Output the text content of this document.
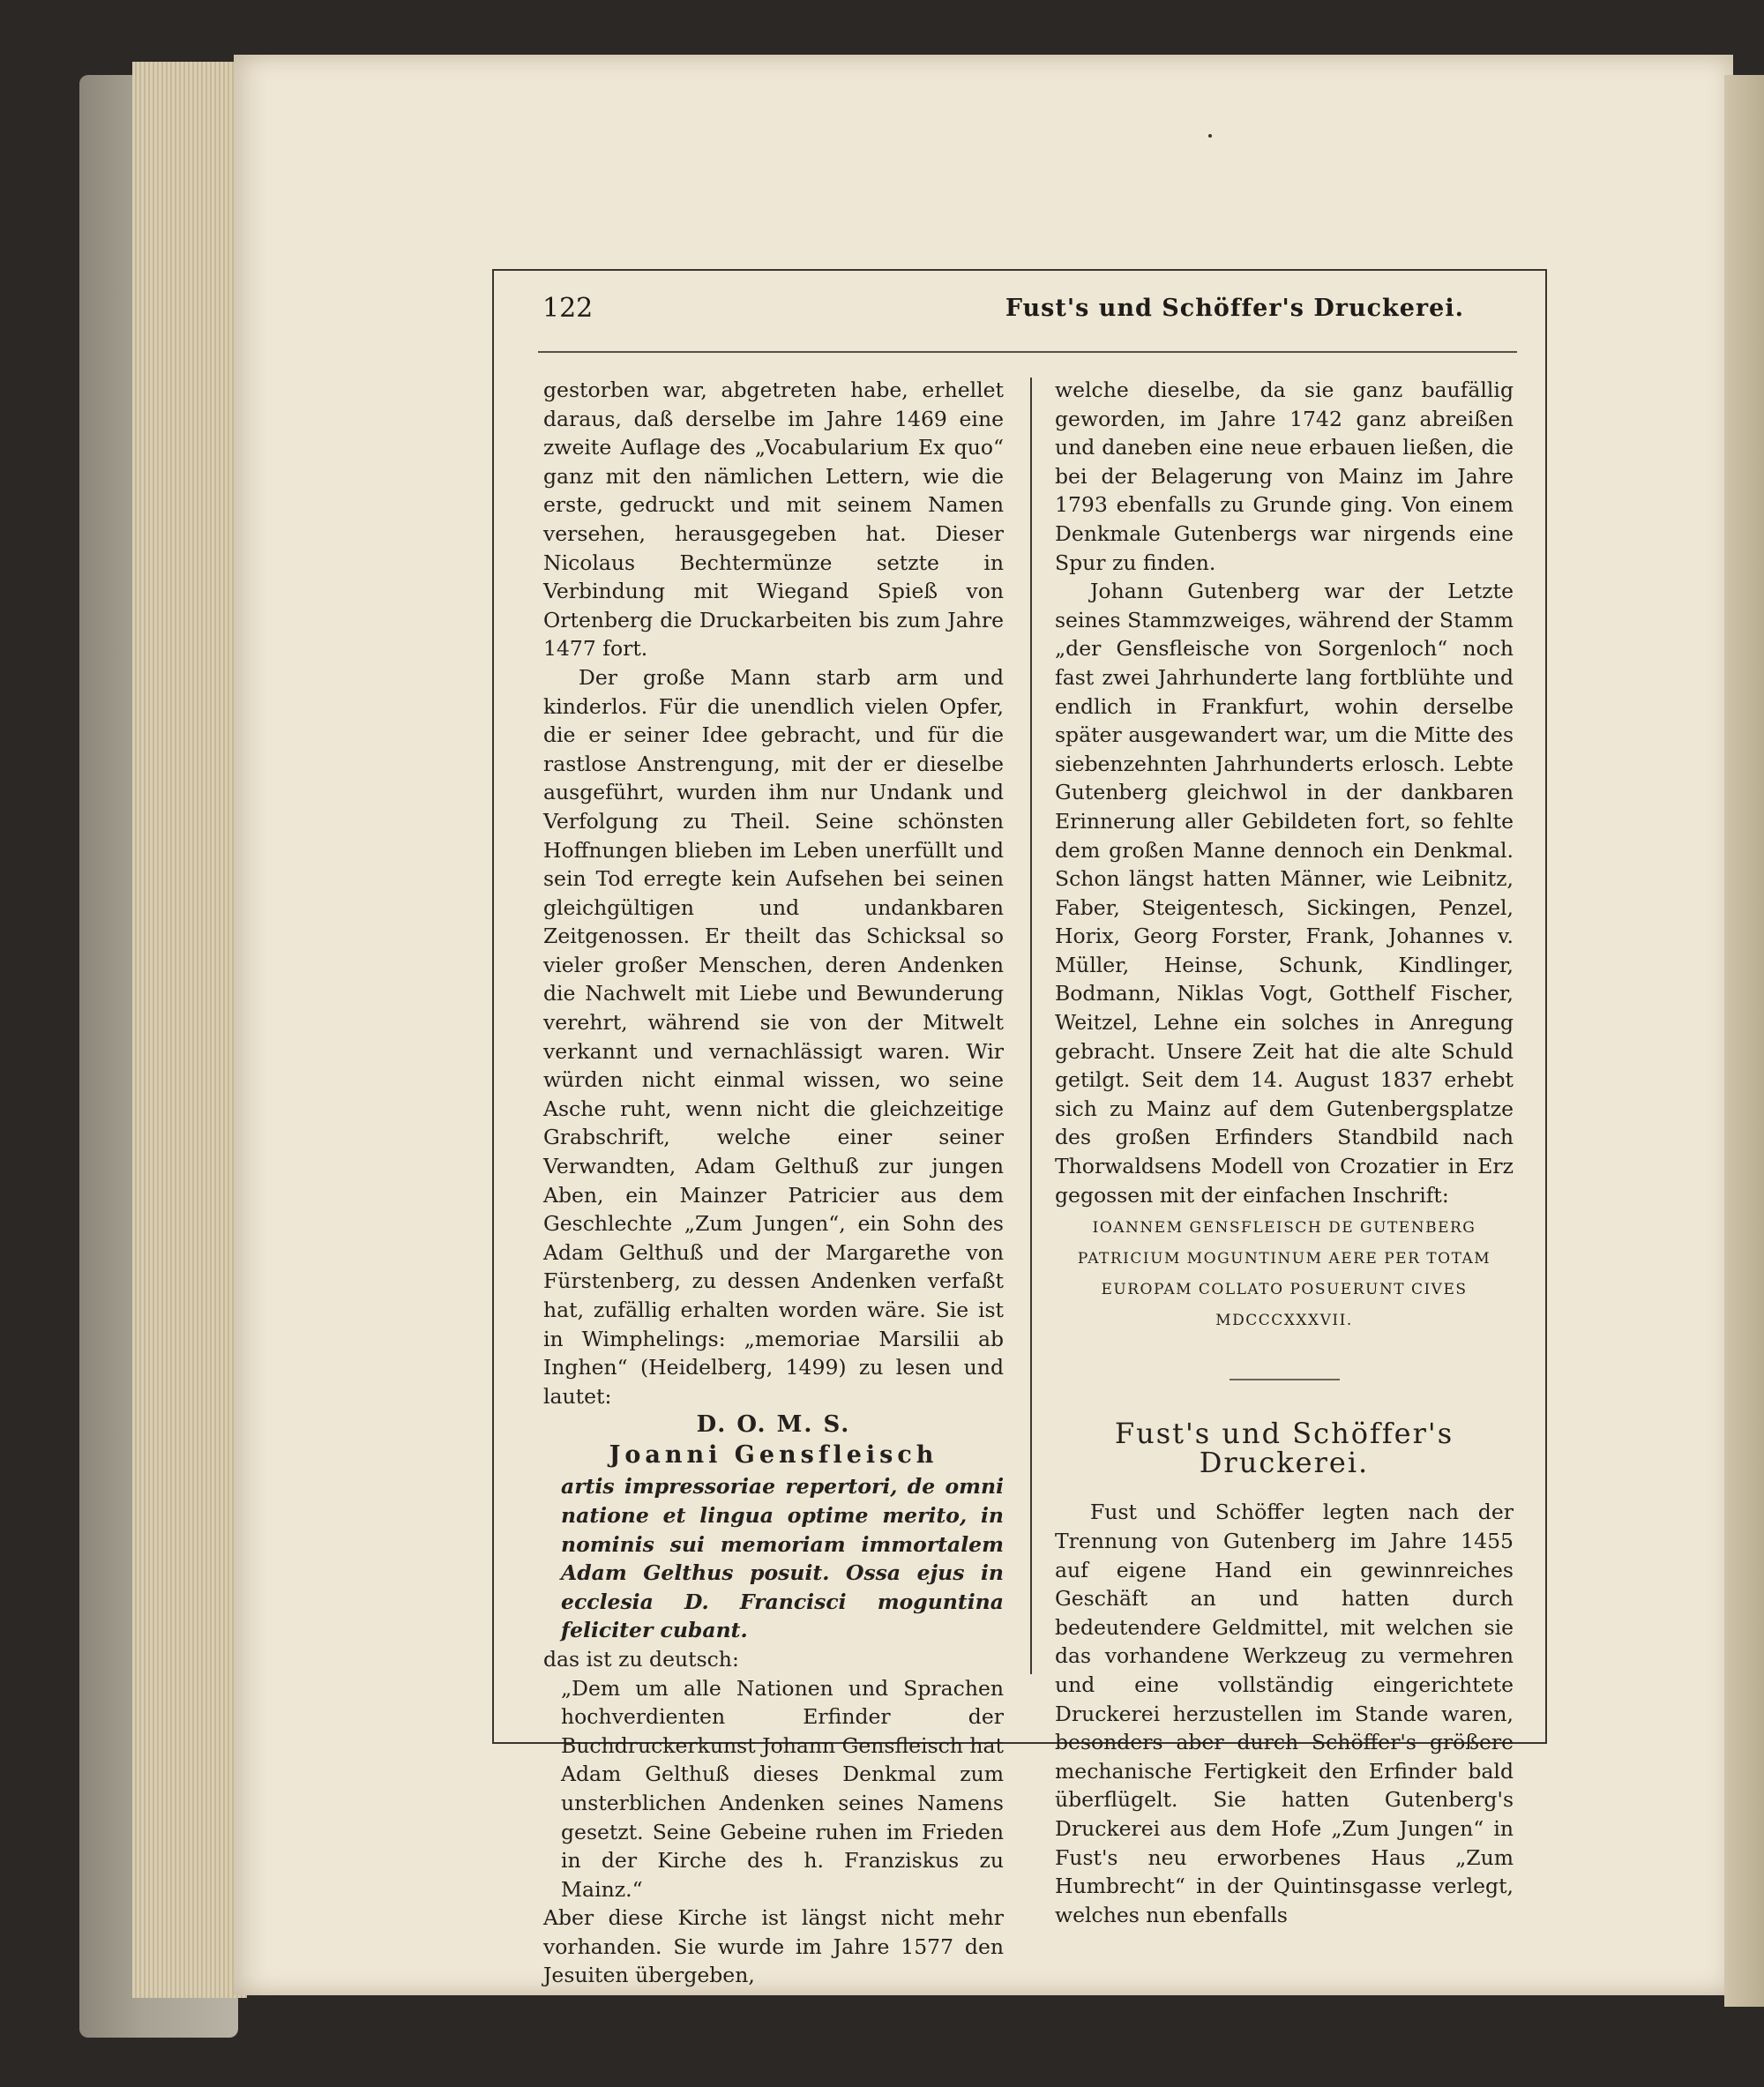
122	Fust's und Schöffer's Druckerei.

gestorben war, abgetreten habe, erhellet daraus, daß derselbe im Jahre 1469 eine zweite Auflage des „Vocabularium Ex quo“ ganz mit den nämlichen Lettern, wie die erste, gedruckt und mit seinem Namen versehen, herausgegeben hat. Dieser Nicolaus Bechtermünze setzte in Verbindung mit Wiegand Spieß von Ortenberg die Druckarbeiten bis zum Jahre 1477 fort.

Der große Mann starb arm und kinderlos. Für die unendlich vielen Opfer, die er seiner Idee gebracht, und für die rastlose Anstrengung, mit der er dieselbe ausgeführt, wurden ihm nur Undank und Verfolgung zu Theil. Seine schönsten Hoffnungen blieben im Leben unerfüllt und sein Tod erregte kein Aufsehen bei seinen gleichgültigen und undankbaren Zeitgenossen. Er theilt das Schicksal so vieler großer Menschen, deren Andenken die Nachwelt mit Liebe und Bewunderung verehrt, während sie von der Mitwelt verkannt und vernachlässigt waren. Wir würden nicht einmal wissen, wo seine Asche ruht, wenn nicht die gleichzeitige Grabschrift, welche einer seiner Verwandten, Adam Gelthuß zur jungen Aben, ein Mainzer Patricier aus dem Geschlechte „Zum Jungen“, ein Sohn des Adam Gelthuß und der Margarethe von Fürstenberg, zu dessen Andenken verfaßt hat, zufällig erhalten worden wäre. Sie ist in Wimphelings: „memoriae Marsilii ab Inghen“ (Heidelberg, 1499) zu lesen und lautet:

D. O. M. S.
Joanni Gensfleisch
artis impressoriae repertori, de omni natione et lingua optime merito, in nominis sui memoriam immortalem Adam Gelthus posuit. Ossa ejus in ecclesia D. Francisci moguntina feliciter cubant.
das ist zu deutsch:
„Dem um alle Nationen und Sprachen hochverdienten Erfinder der Buchdruckerkunst Johann Gensfleisch hat Adam Gelthuß dieses Denkmal zum unsterblichen Andenken seines Namens gesetzt. Seine Gebeine ruhen im Frieden in der Kirche des h. Franziskus zu Mainz.“

Aber diese Kirche ist längst nicht mehr vorhanden. Sie wurde im Jahre 1577 den Jesuiten übergeben,

welche dieselbe, da sie ganz baufällig geworden, im Jahre 1742 ganz abreißen und daneben eine neue erbauen ließen, die bei der Belagerung von Mainz im Jahre 1793 ebenfalls zu Grunde ging. Von einem Denkmale Gutenbergs war nirgends eine Spur zu finden.

Johann Gutenberg war der Letzte seines Stammzweiges, während der Stamm „der Gensfleische von Sorgenloch“ noch fast zwei Jahrhunderte lang fortblühte und endlich in Frankfurt, wohin derselbe später ausgewandert war, um die Mitte des siebenzehnten Jahrhunderts erlosch. Lebte Gutenberg gleichwol in der dankbaren Erinnerung aller Gebildeten fort, so fehlte dem großen Manne dennoch ein Denkmal. Schon längst hatten Männer, wie Leibnitz, Faber, Steigentesch, Sickingen, Penzel, Horix, Georg Forster, Frank, Johannes v. Müller, Heinse, Schunk, Kindlinger, Bodmann, Niklas Vogt, Gotthelf Fischer, Weitzel, Lehne ein solches in Anregung gebracht. Unsere Zeit hat die alte Schuld getilgt. Seit dem 14. August 1837 erhebt sich zu Mainz auf dem Gutenbergsplatze des großen Erfinders Standbild nach Thorwaldsens Modell von Crozatier in Erz gegossen mit der einfachen Inschrift:

IOANNEM GENSFLEISCH DE GUTENBERG
PATRICIUM MOGUNTINUM AERE PER TOTAM
EUROPAM COLLATO POSUERUNT CIVES
MDCCCXXXVII.
Fust's und Schöffer's Druckerei.

Fust und Schöffer legten nach der Trennung von Gutenberg im Jahre 1455 auf eigene Hand ein gewinnreiches Geschäft an und hatten durch bedeutendere Geldmittel, mit welchen sie das vorhandene Werkzeug zu vermehren und eine vollständig eingerichtete Druckerei herzustellen im Stande waren, besonders aber durch Schöffer's größere mechanische Fertigkeit den Erfinder bald überflügelt. Sie hatten Gutenberg's Druckerei aus dem Hofe „Zum Jungen“ in Fust's neu erworbenes Haus „Zum Humbrecht“ in der Quintinsgasse verlegt, welches nun ebenfalls
